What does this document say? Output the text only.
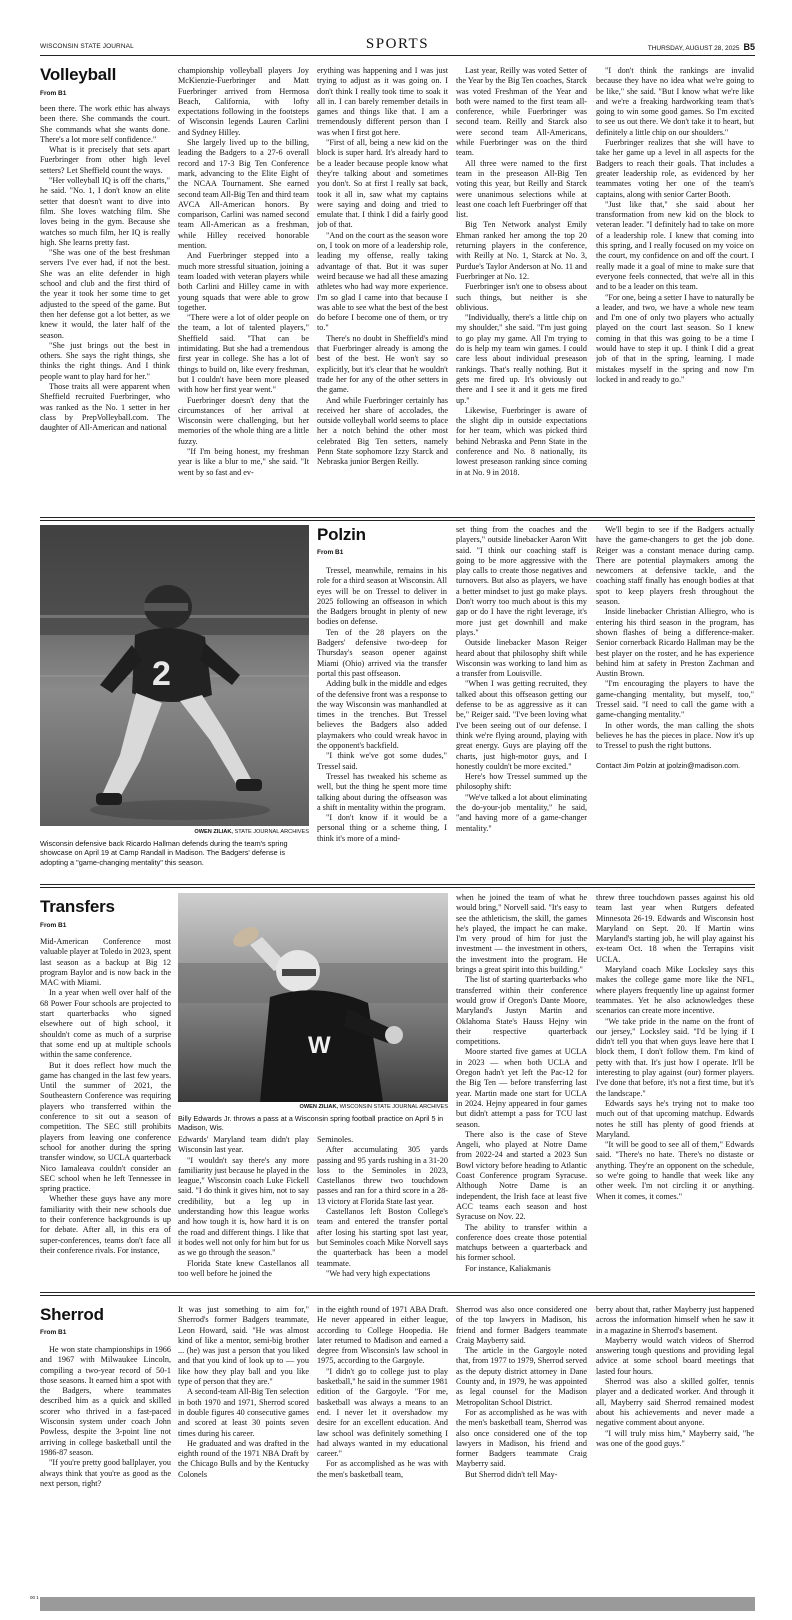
WISCONSIN STATE JOURNAL	SPORTS	THURSDAY, AUGUST 28, 2025 B5
Volleyball
From B1

been there. The work ethic has always been there. She commands the court. She commands what she wants done. There's a lot more self confidence."

What is it precisely that sets apart Fuerbringer from other high level setters? Let Sheffield count the ways.

"Her volleyball IQ is off the charts," he said. "No. 1, I don't know an elite setter that doesn't want to dive into film. She loves watching film. She loves being in the gym. Because she watches so much film, her IQ is really high. She learns pretty fast.

"She was one of the best freshman servers I've ever had, if not the best. She was an elite defender in high school and club and the first third of the year it took her some time to get adjusted to the speed of the game. But then her defense got a lot better, as we knew it would, the later half of the season.

"She just brings out the best in others. She says the right things, she thinks the right things. And I think people want to play hard for her."

Those traits all were apparent when Sheffield recruited Fuerbringer, who was ranked as the No. 1 setter in her class by PrepVolleyball.com. The daughter of All-American and national

championship volleyball players Joy McKienzie-Fuerbringer and Matt Fuerbringer arrived from Hermosa Beach, California, with lofty expectations following in the footsteps of Wisconsin legends Lauren Carlini and Sydney Hilley.

She largely lived up to the billing, leading the Badgers to a 27-6 overall record and 17-3 Big Ten Conference mark, advancing to the Elite Eight of the NCAA Tournament. She earned second team All-Big Ten and third team AVCA All-American honors. By comparison, Carlini was named second team All-American as a freshman, while Hilley received honorable mention.

And Fuerbringer stepped into a much more stressful situation, joining a team loaded with veteran players while both Carlini and Hilley came in with young squads that were able to grow together.

"There were a lot of older people on the team, a lot of talented players," Sheffield said. "That can be intimidating. But she had a tremendous first year in college. She has a lot of things to build on, like every freshman, but I couldn't have been more pleased with how her first year went."

Fuerbringer doesn't deny that the circumstances of her arrival at Wisconsin were challenging, but her memories of the whole thing are a little fuzzy.

"If I'm being honest, my freshman year is like a blur to me," she said. "It went by so fast and ev-

erything was happening and I was just trying to adjust as it was going on. I don't think I really took time to soak it all in. I can barely remember details in games and things like that. I am a tremendously different person than I was when I first got here.

"First of all, being a new kid on the block is super hard. It's already hard to be a leader because people know what they're talking about and sometimes you don't. So at first I really sat back, took it all in, saw what my captains were saying and doing and tried to emulate that. I think I did a fairly good job of that.

"And on the court as the season wore on, I took on more of a leadership role, leading my offense, really taking advantage of that. But it was super weird because we had all these amazing athletes who had way more experience. I'm so glad I came into that because I was able to see what the best of the best do before I become one of them, or try to."

There's no doubt in Sheffield's mind that Fuerbringer already is among the best of the best. He won't say so explicitly, but it's clear that he wouldn't trade her for any of the other setters in the game.

And while Fuerbringer certainly has received her share of accolades, the outside volleyball world seems to place her a notch behind the other most celebrated Big Ten setters, namely Penn State sophomore Izzy Starck and Nebraska junior Bergen Reilly.

Last year, Reilly was voted Setter of the Year by the Big Ten coaches, Starck was voted Freshman of the Year and both were named to the first team all-conference, while Fuerbringer was second team. Reilly and Starck also were second team All-Americans, while Fuerbringer was on the third team.

All three were named to the first team in the preseason All-Big Ten voting this year, but Reilly and Starck were unanimous selections while at least one coach left Fuerbringer off that list.

Big Ten Network analyst Emily Ehman ranked her among the top 20 returning players in the conference, with Reilly at No. 1, Starck at No. 3, Purdue's Taylor Anderson at No. 11 and Fuerbringer at No. 12.

Fuerbringer isn't one to obsess about such things, but neither is she oblivious.

"Individually, there's a little chip on my shoulder," she said. "I'm just going to go play my game. All I'm trying to do is help my team win games. I could care less about individual preseason rankings. That's really nothing. But it gets me fired up. It's obviously out there and I see it and it gets me fired up."

Likewise, Fuerbringer is aware of the slight dip in outside expectations for her team, which was picked third behind Nebraska and Penn State in the conference and No. 8 nationally, its lowest preseason ranking since coming in at No. 9 in 2018.

"I don't think the rankings are invalid because they have no idea what we're going to be like," she said. "But I know what we're like and we're a freaking hardworking team that's going to win some good games. So I'm excited to see us out there. We don't take it to heart, but definitely a little chip on our shoulders."

Fuerbringer realizes that she will have to take her game up a level in all aspects for the Badgers to reach their goals. That includes a greater leadership role, as evidenced by her teammates voting her one of the team's captains, along with senior Carter Booth.

"Just like that," she said about her transformation from new kid on the block to veteran leader. "I definitely had to take on more of a leadership role. I knew that coming into this spring, and I really focused on my voice on the court, my confidence on and off the court. I really made it a goal of mine to make sure that everyone feels connected, that we're all in this and to be a leader on this team.

"For one, being a setter I have to naturally be a leader, and two, we have a whole new team and I'm one of only two players who actually played on the court last season. So I knew coming in that this was going to be a time I would have to step it up. I think I did a great job of that in the spring, learning. I made mistakes myself in the spring and now I'm locked in and ready to go."

2
OWEN ZILIAK, STATE JOURNAL ARCHIVES
Wisconsin defensive back Ricardo Hallman defends during the team's spring showcase on April 19 at Camp Randall in Madison. The Badgers' defense is adopting a "game-changing mentality" this season.
Polzin
From B1

Tressel, meanwhile, remains in his role for a third season at Wisconsin. All eyes will be on Tressel to deliver in 2025 following an offseason in which the Badgers brought in plenty of new bodies on defense.

Ten of the 28 players on the Badgers' defensive two-deep for Thursday's season opener against Miami (Ohio) arrived via the transfer portal this past offseason.

Adding bulk in the middle and edges of the defensive front was a response to the way Wisconsin was manhandled at times in the trenches. But Tressel believes the Badgers also added playmakers who could wreak havoc in the opponent's backfield.

"I think we've got some dudes," Tressel said.

Tressel has tweaked his scheme as well, but the thing he spent more time talking about during the offseason was a shift in mentality within the program.

"I don't know if it would be a personal thing or a scheme thing, I think it's more of a mind-

set thing from the coaches and the players," outside linebacker Aaron Witt said. "I think our coaching staff is going to be more aggressive with the play calls to create those negatives and turnovers. But also as players, we have a better mindset to just go make plays. Don't worry too much about is this my gap or do I have the right leverage, it's more just get downhill and make plays."

Outside linebacker Mason Reiger heard about that philosophy shift while Wisconsin was working to land him as a transfer from Louisville.

"When I was getting recruited, they talked about this offseason getting our defense to be as aggressive as it can be," Reiger said. "I've been loving what I've been seeing out of our defense. I think we're flying around, playing with great energy. Guys are playing off the charts, just high-motor guys, and I honestly couldn't be more excited."

Here's how Tressel summed up the philosophy shift:

"We've talked a lot about eliminating the do-your-job mentality," he said, "and having more of a game-changer mentality."

We'll begin to see if the Badgers actually have the game-changers to get the job done. Reiger was a constant menace during camp. There are potential playmakers among the newcomers at defensive tackle, and the coaching staff finally has enough bodies at that spot to keep players fresh throughout the season.

Inside linebacker Christian Alliegro, who is entering his third season in the program, has shown flashes of being a difference-maker. Senior cornerback Ricardo Hallman may be the best player on the roster, and he has experience behind him at safety in Preston Zachman and Austin Brown.

"I'm encouraging the players to have the game-changing mentality, but myself, too," Tressel said. "I need to call the game with a game-changing mentality."

In other words, the man calling the shots believes he has the pieces in place. Now it's up to Tressel to push the right buttons.

Contact Jim Polzin at jpolzin@madison.com.

Transfers
From B1

Mid-American Conference most valuable player at Toledo in 2023, spent last season as a backup at Big 12 program Baylor and is now back in the MAC with Miami.

In a year when well over half of the 68 Power Four schools are projected to start quarterbacks who signed elsewhere out of high school, it shouldn't come as much of a surprise that some end up at multiple schools within the same conference.

But it does reflect how much the game has changed in the last few years. Until the summer of 2021, the Southeastern Conference was requiring players who transferred within the conference to sit out a season of competition. The SEC still prohibits players from leaving one conference school for another during the spring transfer window, so UCLA quarterback Nico Iamaleava couldn't consider an SEC school when he left Tennessee in spring practice.

Whether these guys have any more familiarity with their new schools due to their conference backgrounds is up for debate. After all, in this era of super-conferences, teams don't face all their conference rivals. For instance,

W
OWEN ZILIAK, WISCONSIN STATE JOURNAL ARCHIVES
Billy Edwards Jr. throws a pass at a Wisconsin spring football practice on April 5 in Madison, Wis.

Edwards' Maryland team didn't play Wisconsin last year.

"I wouldn't say there's any more familiarity just because he played in the league," Wisconsin coach Luke Fickell said. "I do think it gives him, not to say credibility, but a leg up in understanding how this league works and how tough it is, how hard it is on the road and different things. I like that it bodes well not only for him but for us as we go through the season."

Florida State knew Castellanos all too well before he joined the

Seminoles.

After accumulating 305 yards passing and 95 yards rushing in a 31-20 loss to the Seminoles in 2023, Castellanos threw two touchdown passes and ran for a third score in a 28-13 victory at Florida State last year.

Castellanos left Boston College's team and entered the transfer portal after losing his starting spot last year, but Seminoles coach Mike Norvell says the quarterback has been a model teammate.

"We had very high expectations

when he joined the team of what he would bring," Norvell said. "It's easy to see the athleticism, the skill, the games he's played, the impact he can make. I'm very proud of him for just the investment — the investment in others, the investment into the program. He brings a great spirit into this building."

The list of starting quarterbacks who transferred within their conference would grow if Oregon's Dante Moore, Maryland's Justyn Martin and Oklahoma State's Hauss Hejny win their respective quarterback competitions.

Moore started five games at UCLA in 2023 — when both UCLA and Oregon hadn't yet left the Pac-12 for the Big Ten — before transferring last year. Martin made one start for UCLA in 2024. Hejny appeared in four games but didn't attempt a pass for TCU last season.

There also is the case of Steve Angeli, who played at Notre Dame from 2022-24 and started a 2023 Sun Bowl victory before heading to Atlantic Coast Conference program Syracuse. Although Notre Dame is an independent, the Irish face at least five ACC teams each season and host Syracuse on Nov. 22.

The ability to transfer within a conference does create those potential matchups between a quarterback and his former school.

For instance, Kaliakmanis

threw three touchdown passes against his old team last year when Rutgers defeated Minnesota 26-19. Edwards and Wisconsin host Maryland on Sept. 20. If Martin wins Maryland's starting job, he will play against his ex-team Oct. 18 when the Terrapins visit UCLA.

Maryland coach Mike Locksley says this makes the college game more like the NFL, where players frequently line up against former teammates. Yet he also acknowledges these scenarios can create more incentive.

"We take pride in the name on the front of our jersey," Locksley said. "I'd be lying if I didn't tell you that when guys leave here that I block them, I don't follow them. I'm kind of petty with that. It's just how I operate. It'll be interesting to play against (our) former players. I've done that before, it's not a first time, but it's the landscape."

Edwards says he's trying not to make too much out of that upcoming matchup. Edwards notes he still has plenty of good friends at Maryland.

"It will be good to see all of them," Edwards said. "There's no hate. There's no distaste or anything. They're an opponent on the schedule, so we're going to handle that week like any other week. I'm not circling it or anything. When it comes, it comes."

Sherrod
From B1

He won state championships in 1966 and 1967 with Milwaukee Lincoln, compiling a two-year record of 50-1 those seasons. It earned him a spot with the Badgers, where teammates described him as a quick and skilled scorer who thrived in a fast-paced Wisconsin system under coach John Powless, despite the 3-point line not arriving in college basketball until the 1986-87 season.

"If you're pretty good ballplayer, you always think that you're as good as the next person, right?

It was just something to aim for," Sherrod's former Badgers teammate, Leon Howard, said. "He was almost kind of like a mentor, semi-big brother ... (he) was just a person that you liked and that you kind of look up to — you like how they play ball and you like type of person that they are."

A second-team All-Big Ten selection in both 1970 and 1971, Sherrod scored in double figures 40 consecutive games and scored at least 30 points seven times during his career.

He graduated and was drafted in the eighth round of the 1971 NBA Draft by the Chicago Bulls and by the Kentucky Colonels

in the eighth round of 1971 ABA Draft. He never appeared in either league, according to College Hoopedia. He later returned to Madison and earned a degree from Wisconsin's law school in 1975, according to the Gargoyle.

"I didn't go to college just to play basketball," he said in the summer 1981 edition of the Gargoyle. "For me, basketball was always a means to an end. I never let it overshadow my desire for an excellent education. And law school was definitely something I had always wanted in my educational career."

For as accomplished as he was with the men's basketball team,

Sherrod was also once considered one of the top lawyers in Madison, his friend and former Badgers teammate Craig Mayberry said.

The article in the Gargoyle noted that, from 1977 to 1979, Sherrod served as the deputy district attorney in Dane County and, in 1979, he was appointed as legal counsel for the Madison Metropolitan School District.

For as accomplished as he was with the men's basketball team, Sherrod was also once considered one of the top lawyers in Madison, his friend and former Badgers teammate Craig Mayberry said.

But Sherrod didn't tell May-

berry about that, rather Mayberry just happened across the information himself when he saw it in a magazine in Sherrod's basement.

Mayberry would watch videos of Sherrod answering tough questions and providing legal advice at some school board meetings that lasted four hours.

Sherrod was also a skilled golfer, tennis player and a dedicated worker. And through it all, Mayberry said Sherrod remained modest about his achievements and never made a negative comment about anyone.

"I will truly miss him," Mayberry said, "he was one of the good guys."

00 1
